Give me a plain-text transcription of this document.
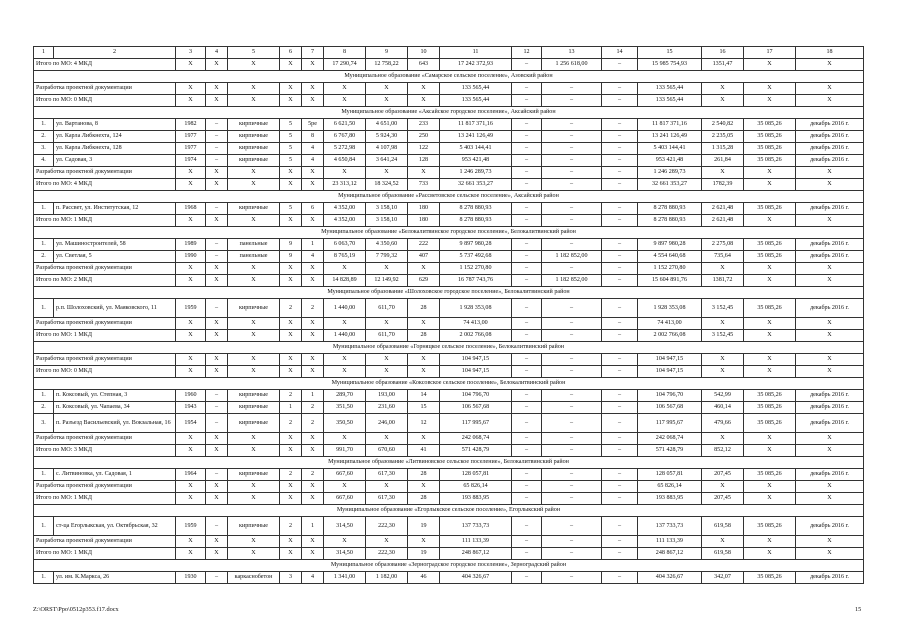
1	2	3	4	5	6	7	8	9	10	11	12	13	14	15	16	17	18
Итого по МО: 4 МКД		Х	Х	Х	Х	Х	17 290,74	12 758,22	643	17 242 372,93	–	1 256 618,00	–	15 985 754,93	1351,47	Х	Х
Муниципальное образование «Самарское сельское поселение», Азовский район																	
Разработка проектной документации		Х	Х	Х	Х	Х	Х	Х	Х	133 565,44	–	–	–	133 565,44	Х	Х	Х
Итого по МО: 0 МКД		Х	Х	Х	Х	Х	Х	Х	Х	133 565,44	–	–	–	133 565,44	Х	Х	Х
Муниципальное образование «Аксайское городское поселение», Аксайский район																	
1.	ул. Вартанова, 8	1982	–	кирпичные	5	5ре	6 621,50	4 651,00	233	11 817 371,16	–	–	–	11 817 371,16	2 540,82	35 085,26	декабрь 2016 г.
2.	ул. Карла Либкнехта, 124	1977	–	кирпичные	5	8	6 767,80	5 924,30	250	13 241 126,49	–	–	–	13 241 126,49	2 235,05	35 085,26	декабрь 2016 г.
3.	ул. Карла Либкнехта, 128	1977	–	кирпичные	5	4	5 272,98	4 107,98	122	5 403 144,41	–	–	–	5 403 144,41	1 315,28	35 085,26	декабрь 2016 г.
4.	ул. Садовая, 3	1974	–	кирпичные	5	4	4 650,84	3 641,24	128	953 421,48	–	–	–	953 421,48	261,84	35 085,26	декабрь 2016 г.
Разработка проектной документации		Х	Х	Х	Х	Х	Х	Х	Х	1 246 289,73	–	–	–	1 246 289,73	Х	Х	Х
Итого по МО: 4 МКД		Х	Х	Х	Х	Х	23 313,12	18 324,52	733	32 661 353,27	–	–	–	32 661 353,27	1782,39	Х	Х
Муниципальное образование «Рассветовское сельское поселение», Аксайский район																	
1.	п. Рассвет, ул. Институтская, 12	1968	–	кирпичные	5	6	4 352,00	3 158,10	180	8 278 880,93	–	–	–	8 278 880,93	2 621,48	35 085,26	декабрь 2016 г.
Итого по МО: 1 МКД		Х	Х	Х	Х	Х	4 352,00	3 158,10	180	8 278 880,93	–	–	–	8 278 880,93	2 621,48	Х	Х
Муниципальное образование «Белокалитвинское городское поселение», Белокалитвинский район																	
1.	ул. Машиностроителей, 58	1989	–	панельные	9	1	6 063,70	4 350,60	222	9 897 980,28	–	–	–	9 897 980,28	2 275,08	35 085,26	декабрь 2016 г.
2.	ул. Светлая, 5	1990	–	панельные	9	4	8 765,19	7 799,32	407	5 737 492,68	–	1 182 852,00	–	4 554 640,68	735,64	35 085,26	декабрь 2016 г.
Разработка проектной документации		Х	Х	Х	Х	Х	Х	Х	Х	1 152 270,80	–	–	–	1 152 270,80	Х	Х	Х
Итого по МО: 2 МКД		Х	Х	Х	Х	Х	14 828,89	12 149,92	629	16 787 743,76	–	1 182 852,00	–	15 604 891,76	1381,72	Х	Х
Муниципальное образование «Шолоховское городское поселение», Белокалитвинский район																	
1.	р.п. Шолоховский, ул. Маяковского, 11	1959	–	кирпичные	2	2	1 440,00	611,70	28	1 928 353,08	–	–	–	1 928 353,08	3 152,45	35 085,26	декабрь 2016 г.
Разработка проектной документации		Х	Х	Х	Х	Х	Х	Х	Х	74 413,00	–	–	–	74 413,00	Х	Х	Х
Итого по МО: 1 МКД		Х	Х	Х	Х	Х	1 440,00	611,70	28	2 002 766,08	–	–	–	2 002 766,08	3 152,45	Х	Х
Муниципальное образование «Горняцкое сельское поселение», Белокалитвинский район																	
Разработка проектной документации		Х	Х	Х	Х	Х	Х	Х	Х	104 947,15	–	–	–	104 947,15	Х	Х	Х
Итого по МО: 0 МКД		Х	Х	Х	Х	Х	Х	Х	Х	104 947,15	–	–	–	104 947,15	Х	Х	Х
Муниципальное образование «Коксовское сельское поселение», Белокалитвинский район																	
1.	п. Коксовый, ул. Степная, 3	1960	–	кирпичные	2	1	289,70	193,00	14	104 796,70	–	–	–	104 796,70	542,99	35 085,26	декабрь 2016 г.
2.	п. Коксовый, ул. Чапаева, 34	1943	–	кирпичные	1	2	351,50	231,60	15	106 567,68	–	–	–	106 567,68	460,14	35 085,26	декабрь 2016 г.
3.	п. Разъезд Васильевский, ул. Вокзальная, 16	1954	–	кирпичные	2	2	350,50	246,00	12	117 995,67	–	–	–	117 995,67	479,66	35 085,26	декабрь 2016 г.
Разработка проектной документации		Х	Х	Х	Х	Х	Х	Х	Х	242 068,74	–	–	–	242 068,74	Х	Х	Х
Итого по МО: 3 МКД		Х	Х	Х	Х	Х	991,70	670,60	41	571 428,79	–	–	–	571 428,79	852,12	Х	Х
Муниципальное образование «Литвиновское сельское поселение», Белокалитвинский район																	
1.	с. Литвиновка, ул. Садовая, 1	1964	–	кирпичные	2	2	667,60	617,30	28	128 057,81	–	–	–	128 057,81	207,45	35 085,26	декабрь 2016 г.
Разработка проектной документации		Х	Х	Х	Х	Х	Х	Х	Х	65 826,14	–	–	–	65 826,14	Х	Х	Х
Итого по МО: 1 МКД		Х	Х	Х	Х	Х	667,60	617,30	28	193 883,95	–	–	–	193 883,95	207,45	Х	Х
Муниципальное образование «Егорлыкское сельское поселение», Егорлыкский район																	
1.	ст-ца Егорлыкская, ул. Октябрьская, 32	1959	–	кирпичные	2	1	314,50	222,30	19	137 733,73	–	–	–	137 733,73	619,58	35 085,26	декабрь 2016 г.
Разработка проектной документации		Х	Х	Х	Х	Х	Х	Х	Х	111 133,39	–	–	–	111 133,39	Х	Х	Х
Итого по МО: 1 МКД		Х	Х	Х	Х	Х	314,50	222,30	19	248 867,12	–	–	–	248 867,12	619,58	Х	Х
Муниципальное образование «Зерноградское городское поселение», Зерноградский район																	
1.	ул. им. К.Маркса, 26	1930	–	каркаснобетон	3	4	1 341,00	1 182,00	46	404 326,67	–	–	–	404 326,67	342,07	35 085,26	декабрь 2016 г.
Z:\ORST\Ppo\0512p353.f17.docx	15
